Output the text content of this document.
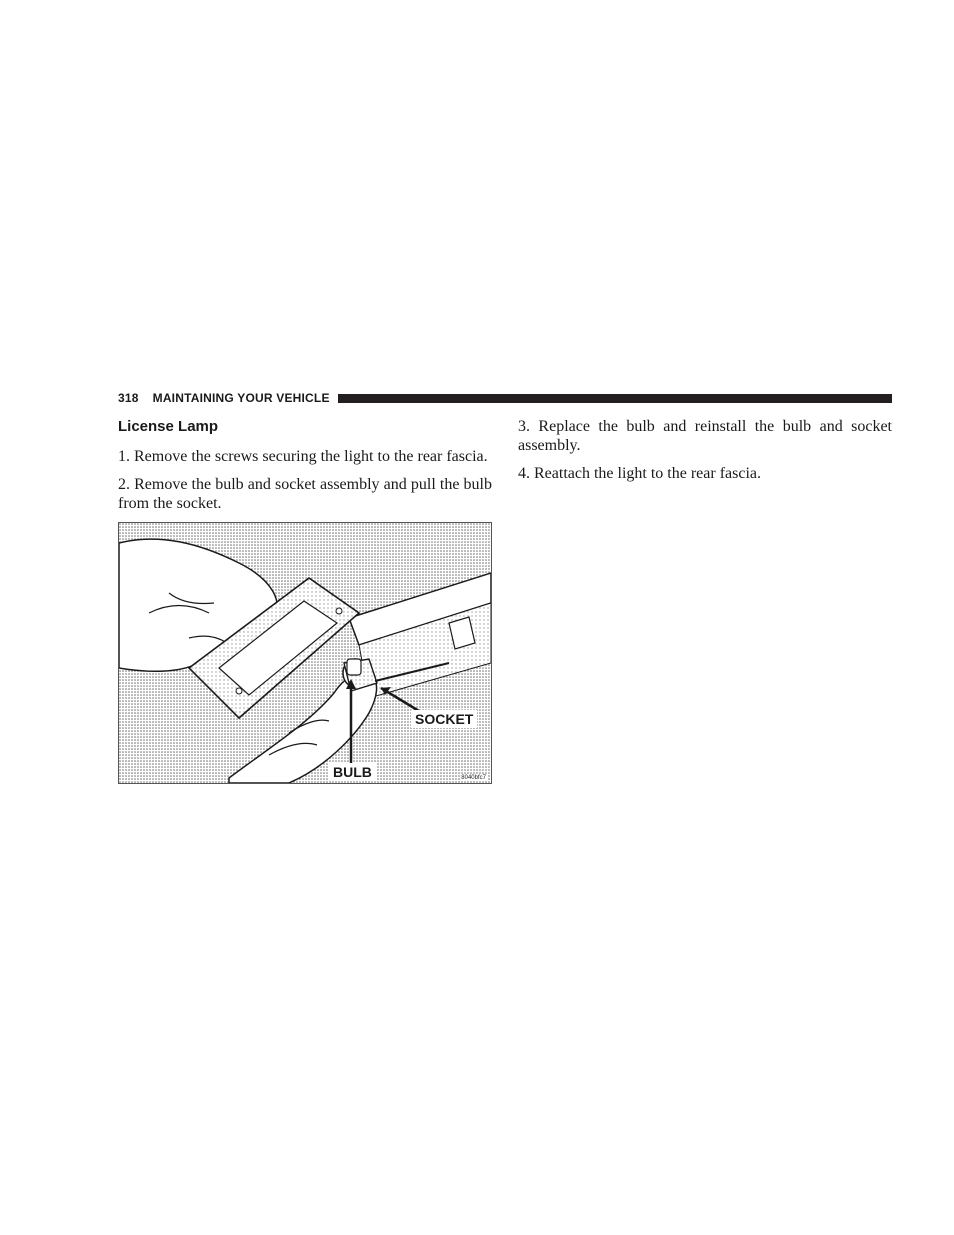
318 MAINTAINING YOUR VEHICLE
License Lamp

1. Remove the screws securing the light to the rear fascia.

2. Remove the bulb and socket assembly and pull the bulb from the socket.

SOCKET
BULB	8040bfc7

3. Replace the bulb and reinstall the bulb and socket assembly.

4. Reattach the light to the rear fascia.
